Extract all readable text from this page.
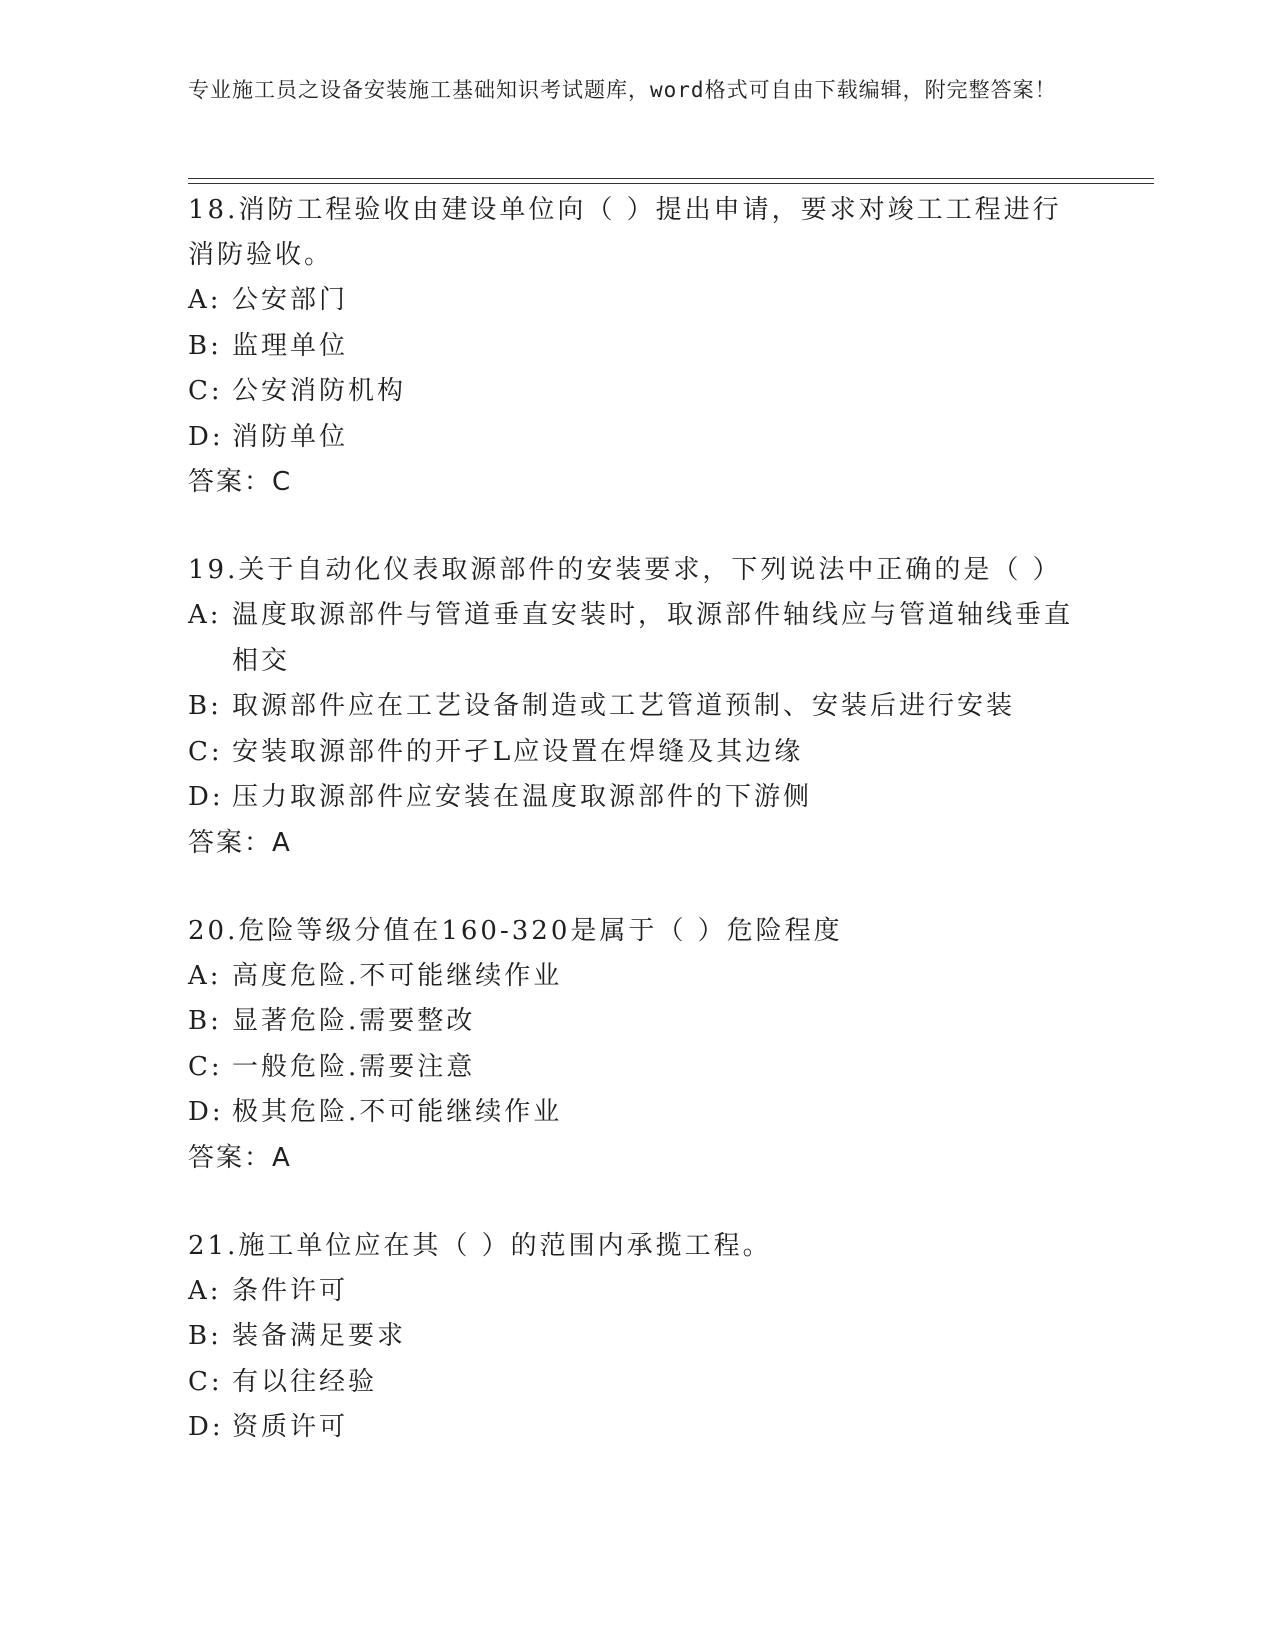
专业施工员之设备安装施工基础知识考试题库，word格式可自由下载编辑，附完整答案！
18.消防工程验收由建设单位向（ ）提出申请，要求对竣工工程进行消防验收。
A: 公安部门
B: 监理单位
C: 公安消防机构
D: 消防单位
答案：C
19.关于自动化仪表取源部件的安装要求，下列说法中正确的是（ ）
A: 温度取源部件与管道垂直安装时，取源部件轴线应与管道轴线垂直相交
B: 取源部件应在工艺设备制造或工艺管道预制、安装后进行安装
C: 安装取源部件的开孑L应设置在焊缝及其边缘
D: 压力取源部件应安装在温度取源部件的下游侧
答案：A
20.危险等级分值在160-320是属于（ ）危险程度
A: 高度危险.不可能继续作业
B: 显著危险.需要整改
C: 一般危险.需要注意
D: 极其危险.不可能继续作业
答案：A
21.施工单位应在其（ ）的范围内承揽工程。
A: 条件许可
B: 装备满足要求
C: 有以往经验
D: 资质许可
